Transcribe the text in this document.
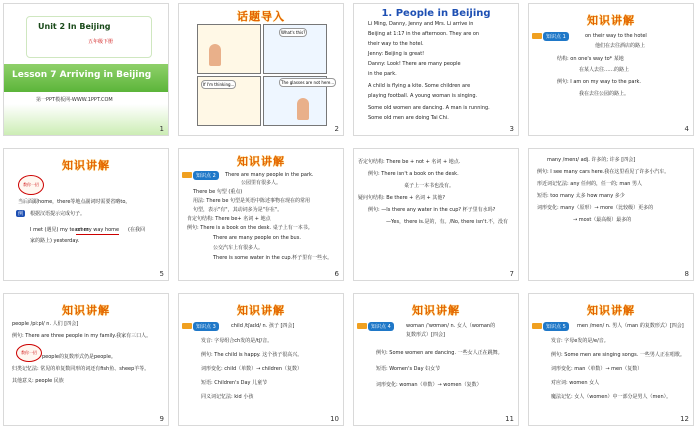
Unit 2 In Beijing
五年级下册
Lesson 7 Arriving in Beijing
第一PPT模板网-WWW.1PPT.COM
1
话题导入
If I'm thinking...	The glasses are not here...
What's this?
2
1. People in Beijing
Li Ming, Danny, Jenny and Mrs. Li arrive in
Beijing at 1:17 in the afternoon. They are on
their way to the hotel.
Jenny: Beijing is great!
Danny: Look! There are many people
in the park.
A child is flying a kite. Some children are
playing football. A young woman is singing.
Some old women are dancing. A man is running.
Some old men are doing Tai Chi.
3
知识讲解
知识点 1	on their way to the hotel
他们在去往酒店的路上
结构: on one's way to* 某地
在某人去往……的路上
例句: I am on my way to the park.
我在去往公园的路上。
4
知识讲解
教你一招
当后面跟home，there等地点副词时需要省略to。
例	根据汉语提示完成句子。
I met (遇见) my teacher
on my way home (在我回
家的路上) yesterday.
5
知识讲解
知识点 2	There are many people in the park.
公园里有很多人。
There be 句型 (重点)
用法: There be 句型是英语中陈述事物在现在的常用
句型，表示"有"，其动词多为是"存在"。
肯定句结构: There be+ 名词 + 地点
例句: There is a book on the desk. 桌子上有一本书。
There are many people on the bus.
公交汽车上有很多人。
There is some water in the cup.杯子里有一些水。
6
否定句结构: There be + not + 名词 + 地点.
例句: There isn't a book on the desk.
桌子上一本书也没有。
疑问句结构: Be there + 名词 + 其他?
例句: —Is there any water in the cup? 杯子里有水吗?
—Yes，there is.是的，有。/No, there isn't.不，没有
7
many /menɪ/ adj. 许多的; 许多 [四会]
例句: I see many cars here.我在这里看见了许多小汽车。
形近词记忆法: any 任何的，任一的; man 男人
短语: too many 太多 how many 多少
词形变化: many（原形）→ more（比较级）更多的
→ most（最高级）最多的
8
知识讲解
people /piːpl/ n. 人们 [四会]
例句: There are three people in my family.我家有三口人。
教你一招
people的复数形式仍是people。
归类记忆法: 常见的单复数同形的词还有fish鱼、sheep羊等。
其他意义: people 民族
9
知识讲解
知识点 3	child /tʃaɪld/ n. 孩子 [四会]
发音: 字母组合ch发的是/tʃ/音。
例句: The child is happy. 这个孩子很高兴。
词形变化: child（单数）→ children（复数）
短语: Children's Day 儿童节
同义词记忆法: kid 小孩
10
知识讲解
知识点 4	woman /ˈwʊmən/ n. 女人（woman的
复数形式）[四会]
例句: Some women are dancing. 一些女人正在跳舞。
短语: Women's Day 妇女节
词形变化: woman（单数）→ women（复数）
11
知识讲解
知识点 5	men /men/ n. 男人（man 的复数形式）[四会]
发音: 字母e发的是/e/音。
例句: Some men are singing songs. 一些男人正在唱歌。
词形变化: man（单数）→ men（复数）
对应词: women 女人
魔法记忆: 女人（women）中一部分是男人（men）。
12
